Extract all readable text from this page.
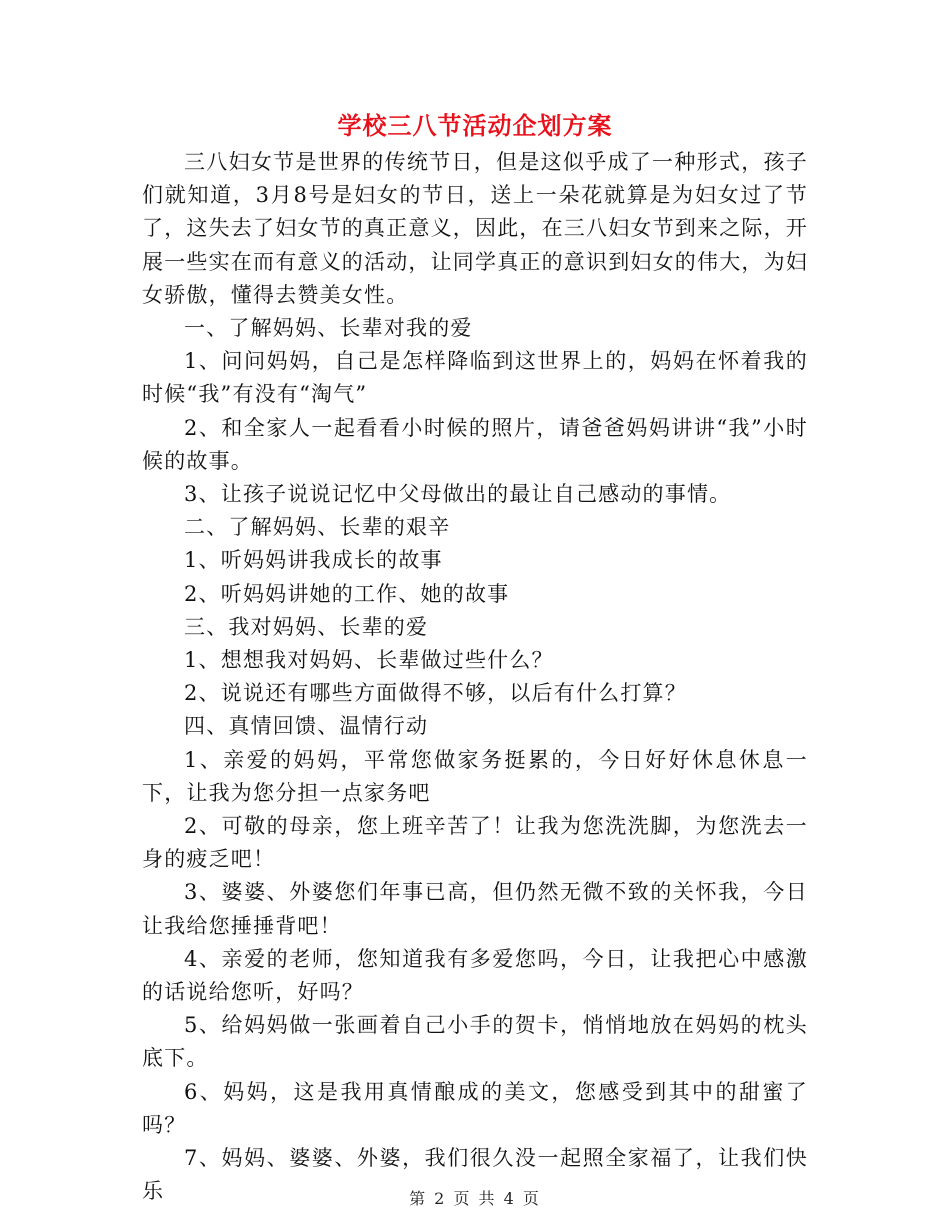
学校三八节活动企划方案

三八妇女节是世界的传统节日，但是这似乎成了一种形式，孩子们就知道，3月8号是妇女的节日，送上一朵花就算是为妇女过了节了，这失去了妇女节的真正意义，因此，在三八妇女节到来之际，开展一些实在而有意义的活动，让同学真正的意识到妇女的伟大，为妇女骄傲，懂得去赞美女性。

一、了解妈妈、长辈对我的爱

1、问问妈妈，自己是怎样降临到这世界上的，妈妈在怀着我的时候“我”有没有“淘气”

2、和全家人一起看看小时候的照片，请爸爸妈妈讲讲“我”小时候的故事。

3、让孩子说说记忆中父母做出的最让自己感动的事情。

二、了解妈妈、长辈的艰辛

1、听妈妈讲我成长的故事

2、听妈妈讲她的工作、她的故事

三、我对妈妈、长辈的爱

1、想想我对妈妈、长辈做过些什么？

2、说说还有哪些方面做得不够，以后有什么打算？

四、真情回馈、温情行动

1、亲爱的妈妈，平常您做家务挺累的，今日好好休息休息一下，让我为您分担一点家务吧

2、可敬的母亲，您上班辛苦了！让我为您洗洗脚，为您洗去一身的疲乏吧！

3、婆婆、外婆您们年事已高，但仍然无微不致的关怀我，今日让我给您捶捶背吧！

4、亲爱的老师，您知道我有多爱您吗，今日，让我把心中感激的话说给您听，好吗？

5、给妈妈做一张画着自己小手的贺卡，悄悄地放在妈妈的枕头底下。

6、妈妈，这是我用真情酿成的美文，您感受到其中的甜蜜了吗？

7、妈妈、婆婆、外婆，我们很久没一起照全家福了，让我们快乐	第 2 页 共 4 页
